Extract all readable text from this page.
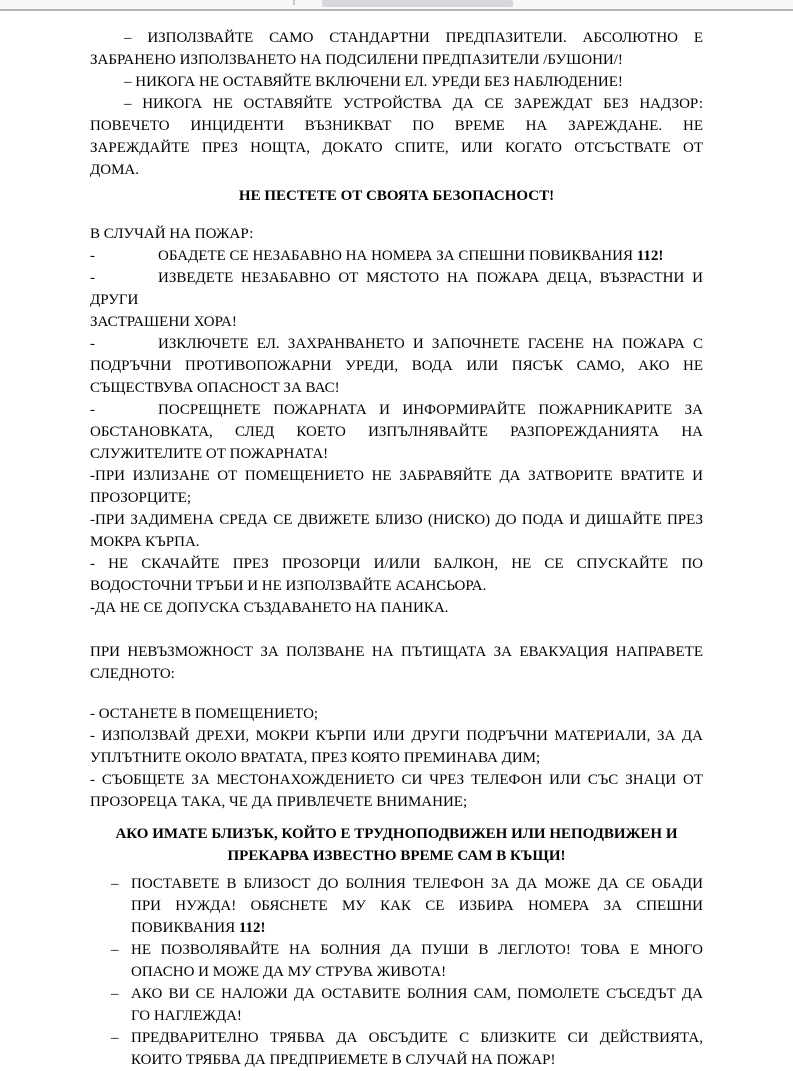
– ИЗПОЛЗВАЙТЕ САМО СТАНДАРТНИ ПРЕДПАЗИТЕЛИ. АБСОЛЮТНО Е
ЗАБРАНЕНО ИЗПОЛЗВАНЕТО НА ПОДСИЛЕНИ ПРЕДПАЗИТЕЛИ /БУШОНИ/!
– НИКОГА НЕ ОСТАВЯЙТЕ ВКЛЮЧЕНИ ЕЛ. УРЕДИ БЕЗ НАБЛЮДЕНИЕ!
– НИКОГА НЕ ОСТАВЯЙТЕ УСТРОЙСТВА ДА СЕ ЗАРЕЖДАТ БЕЗ НАДЗОР:
ПОВЕЧЕТО ИНЦИДЕНТИ ВЪЗНИКВАТ ПО ВРЕМЕ НА ЗАРЕЖДАНЕ. НЕ
ЗАРЕЖДАЙТЕ ПРЕЗ НОЩТА, ДОКАТО СПИТЕ, ИЛИ КОГАТО ОТСЪСТВАТЕ ОТ
ДОМА.
НЕ ПЕСТЕТЕ ОТ СВОЯТА БЕЗОПАСНОСТ!
В СЛУЧАЙ НА ПОЖАР:
-	ОБАДЕТЕ СЕ НЕЗАБАВНО НА НОМЕРА ЗА СПЕШНИ ПОВИКВАНИЯ 112!
-	ИЗВЕДЕТЕ НЕЗАБАВНО ОТ МЯСТОТО НА ПОЖАРА ДЕЦА, ВЪЗРАСТНИ И ДРУГИ
ЗАСТРАШЕНИ ХОРА!
-	ИЗКЛЮЧЕТЕ ЕЛ. ЗАХРАНВАНЕТО И ЗАПОЧНЕТЕ ГАСЕНЕ НА ПОЖАРА С
ПОДРЪЧНИ ПРОТИВОПОЖАРНИ УРЕДИ, ВОДА ИЛИ ПЯСЪК САМО, АКО НЕ
СЪЩЕСТВУВА ОПАСНОСТ ЗА ВАС!
-	ПОСРЕЩНЕТЕ ПОЖАРНАТА И ИНФОРМИРАЙТЕ ПОЖАРНИКАРИТЕ ЗА
ОБСТАНОВКАТА, СЛЕД КОЕТО ИЗПЪЛНЯВАЙТЕ РАЗПОРЕЖДАНИЯТА НА
СЛУЖИТЕЛИТЕ ОТ ПОЖАРНАТА!
-ПРИ ИЗЛИЗАНЕ ОТ ПОМЕЩЕНИЕТО НЕ ЗАБРАВЯЙТЕ ДА ЗАТВОРИТЕ ВРАТИТЕ И
ПРОЗОРЦИТЕ;
-ПРИ ЗАДИМЕНА СРЕДА СЕ ДВИЖЕТЕ БЛИЗО (НИСКО) ДО ПОДА И ДИШАЙТЕ ПРЕЗ
МОКРА КЪРПА.
- НЕ СКАЧАЙТЕ ПРЕЗ ПРОЗОРЦИ И/ИЛИ БАЛКОН, НЕ СЕ СПУСКАЙТЕ ПО
ВОДОСТОЧНИ ТРЪБИ И НЕ ИЗПОЛЗВАЙТЕ АСАНСЬОРА.
-ДА НЕ СЕ ДОПУСКА СЪЗДАВАНЕТО НА ПАНИКА.
ПРИ НЕВЪЗМОЖНОСТ ЗА ПОЛЗВАНЕ НА ПЪТИЩАТА ЗА ЕВАКУАЦИЯ НАПРАВЕТЕ
СЛЕДНОТО:
- ОСТАНЕТЕ В ПОМЕЩЕНИЕТО;
- ИЗПОЛЗВАЙ ДРЕХИ, МОКРИ КЪРПИ ИЛИ ДРУГИ ПОДРЪЧНИ МАТЕРИАЛИ, ЗА ДА
УПЛЪТНИТЕ ОКОЛО ВРАТАТА, ПРЕЗ КОЯТО ПРЕМИНАВА ДИМ;
- СЪОБЩЕТЕ ЗА МЕСТОНАХОЖДЕНИЕТО СИ ЧРЕЗ ТЕЛЕФОН ИЛИ СЪС ЗНАЦИ ОТ
ПРОЗОРЕЦА ТАКА, ЧЕ ДА ПРИВЛЕЧЕТЕ ВНИМАНИЕ;
АКО ИМАТЕ БЛИЗЪК, КОЙТО Е ТРУДНОПОДВИЖЕН ИЛИ НЕПОДВИЖЕН И
ПРЕКАРВА ИЗВЕСТНО ВРЕМЕ САМ В КЪЩИ!
– ПОСТАВЕТЕ В БЛИЗОСТ ДО БОЛНИЯ ТЕЛЕФОН ЗА ДА МОЖЕ ДА СЕ ОБАДИ
ПРИ НУЖДА! ОБЯСНЕТЕ МУ КАК СЕ ИЗБИРА НОМЕРА ЗА СПЕШНИ
ПОВИКВАНИЯ 112!
– НЕ ПОЗВОЛЯВАЙТЕ НА БОЛНИЯ ДА ПУШИ В ЛЕГЛОТО! ТОВА Е МНОГО
ОПАСНО И МОЖЕ ДА МУ СТРУВА ЖИВОТА!
– АКО ВИ СЕ НАЛОЖИ ДА ОСТАВИТЕ БОЛНИЯ САМ, ПОМОЛЕТЕ СЪСЕДЪТ ДА
ГО НАГЛЕЖДА!
– ПРЕДВАРИТЕЛНО ТРЯБВА ДА ОБСЪДИТЕ С БЛИЗКИТЕ СИ ДЕЙСТВИЯТА,
КОИТО ТРЯБВА ДА ПРЕДПРИЕМЕТЕ В СЛУЧАЙ НА ПОЖАР!
